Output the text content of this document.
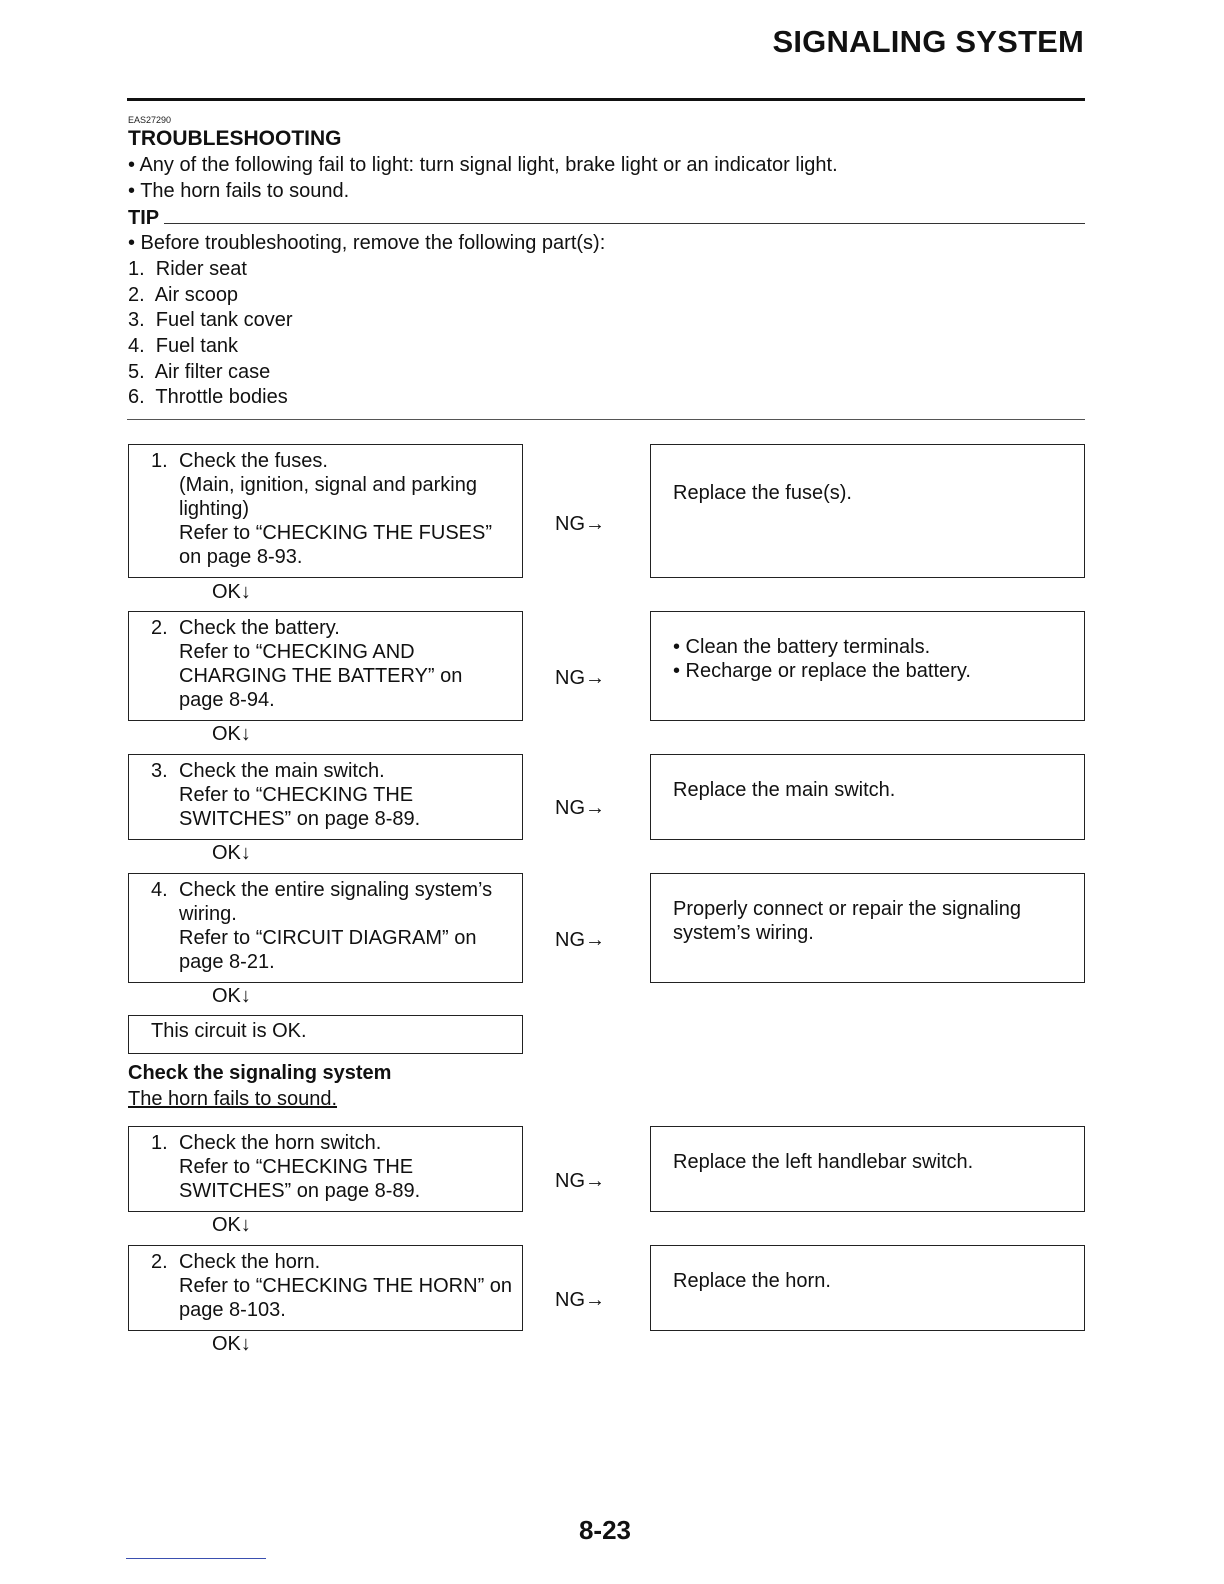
SIGNALING SYSTEM
EAS27290
TROUBLESHOOTING
• Any of the following fail to light: turn signal light, brake light or an indicator light.
• The horn fails to sound.
TIP
• Before troubleshooting, remove the following part(s):
1.  Rider seat
2.  Air scoop
3.  Fuel tank cover
4.  Fuel tank
5.  Air filter case
6.  Throttle bodies
1. Check the fuses.
(Main, ignition, signal and parking lighting)
Refer to “CHECKING THE FUSES” on page 8-93.
NG→
Replace the fuse(s).
OK↓
2. Check the battery.
Refer to “CHECKING AND CHARGING THE BATTERY” on page 8-94.
NG→
• Clean the battery terminals.
• Recharge or replace the battery.
OK↓
3. Check the main switch.
Refer to “CHECKING THE SWITCHES” on page 8-89.	NG→
Replace the main switch.
OK↓
4. Check the entire signaling system’s wiring.
Refer to “CIRCUIT DIAGRAM” on page 8-21.
NG→
Properly connect or repair the signaling system’s wiring.
OK↓
This circuit is OK.
Check the signaling system
The horn fails to sound.
1. Check the horn switch.
Refer to “CHECKING THE SWITCHES” on page 8-89.	NG→
Replace the left handlebar switch.
OK↓
2. Check the horn.
Refer to “CHECKING THE HORN” on page 8-103.	NG→
Replace the horn.
OK↓
8-23
